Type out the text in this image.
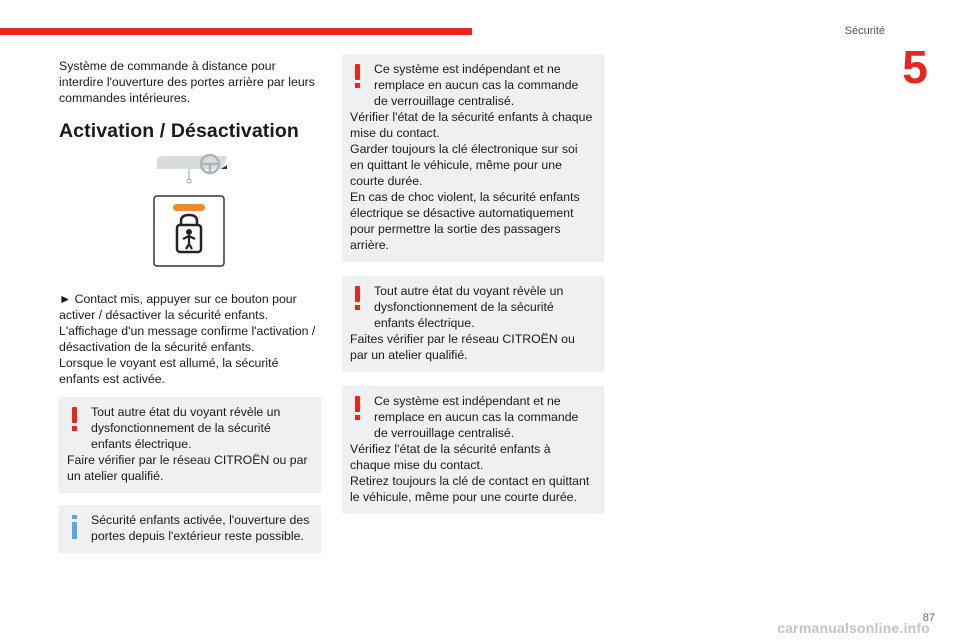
Sécurité
5

Système de commande à distance pour interdire l'ouverture des portes arrière par leurs commandes intérieures.

Activation / Désactivation

► Contact mis, appuyer sur ce bouton pour activer / désactiver la sécurité enfants.

L'affichage d'un message confirme l'activation / désactivation de la sécurité enfants.

Lorsque le voyant est allumé, la sécurité enfants est activée.

Tout autre état du voyant révèle un dysfonctionnement de la sécurité enfants électrique.
Faire vérifier par le réseau CITROËN ou par un atelier qualifié.
Sécurité enfants activée, l'ouverture des portes depuis l'extérieur reste possible.
Ce système est indépendant et ne remplace en aucun cas la commande de verrouillage centralisé.
Vérifier l'état de la sécurité enfants à chaque mise du contact.
Garder toujours la clé électronique sur soi en quittant le véhicule, même pour une courte durée.
En cas de choc violent, la sécurité enfants électrique se désactive automatiquement pour permettre la sortie des passagers arrière.
Tout autre état du voyant révèle un dysfonctionnement de la sécurité enfants électrique.
Faites vérifier par le réseau CITROËN ou par un atelier qualifié.
Ce système est indépendant et ne remplace en aucun cas la commande de verrouillage centralisé.
Vérifiez l'état de la sécurité enfants à chaque mise du contact.
Retirez toujours la clé de contact en quittant le véhicule, même pour une courte durée.
87
carmanualsonline.info
